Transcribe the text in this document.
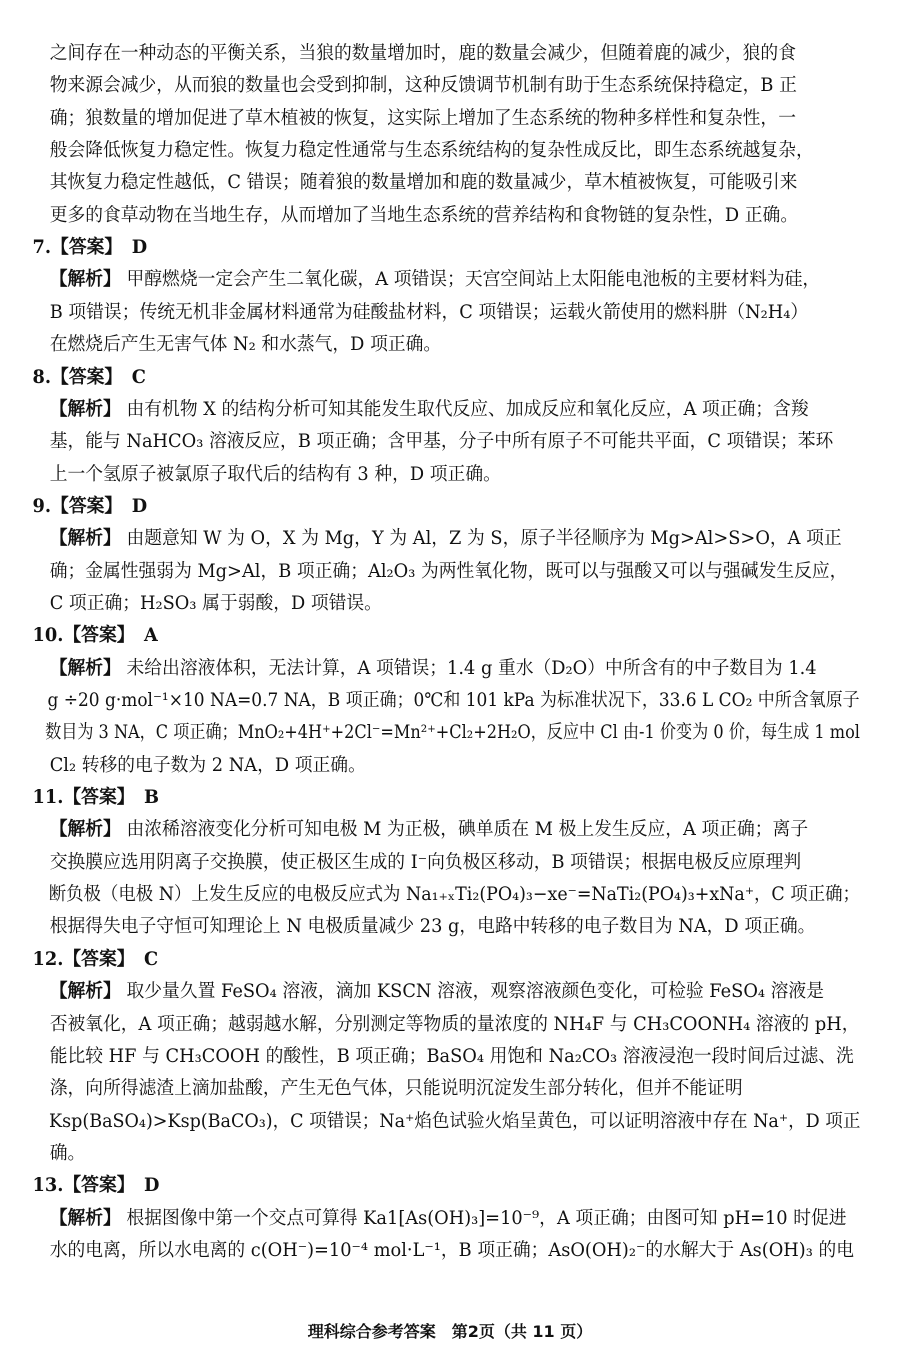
之间存在一种动态的平衡关系，当狼的数量增加时，鹿的数量会减少，但随着鹿的减少，狼的食
物来源会减少，从而狼的数量也会受到抑制，这种反馈调节机制有助于生态系统保持稳定，B 正
确；狼数量的增加促进了草木植被的恢复，这实际上增加了生态系统的物种多样性和复杂性，一
般会降低恢复力稳定性。恢复力稳定性通常与生态系统结构的复杂性成反比，即生态系统越复杂，
其恢复力稳定性越低，C 错误；随着狼的数量增加和鹿的数量减少，草木植被恢复，可能吸引来
更多的食草动物在当地生存，从而增加了当地生态系统的营养结构和食物链的复杂性，D 正确。
7.【答案】 D
【解析】 甲醇燃烧一定会产生二氧化碳，A 项错误；天宫空间站上太阳能电池板的主要材料为硅，
B 项错误；传统无机非金属材料通常为硅酸盐材料，C 项错误；运载火箭使用的燃料肼（N₂H₄）
在燃烧后产生无害气体 N₂ 和水蒸气，D 项正确。
8.【答案】 C
【解析】 由有机物 X 的结构分析可知其能发生取代反应、加成反应和氧化反应，A 项正确；含羧
基，能与 NaHCO₃ 溶液反应，B 项正确；含甲基，分子中所有原子不可能共平面，C 项错误；苯环
上一个氢原子被氯原子取代后的结构有 3 种，D 项正确。
9.【答案】 D
【解析】 由题意知 W 为 O，X 为 Mg，Y 为 Al，Z 为 S，原子半径顺序为 Mg>Al>S>O，A 项正
确；金属性强弱为 Mg>Al，B 项正确；Al₂O₃ 为两性氧化物，既可以与强酸又可以与强碱发生反应，
C 项正确；H₂SO₃ 属于弱酸，D 项错误。
10.【答案】 A
【解析】 未给出溶液体积，无法计算，A 项错误；1.4 g 重水（D₂O）中所含有的中子数目为 1.4
g ÷20 g·mol⁻¹×10 NA=0.7 NA，B 项正确；0℃和 101 kPa 为标准状况下，33.6 L CO₂ 中所含氧原子
数目为 3 NA，C 项正确；MnO₂+4H⁺+2Cl⁻=Mn²⁺+Cl₂+2H₂O，反应中 Cl 由-1 价变为 0 价，每生成 1 mol
Cl₂ 转移的电子数为 2 NA，D 项正确。
11.【答案】 B
【解析】 由浓稀溶液变化分析可知电极 M 为正极，碘单质在 M 极上发生反应，A 项正确；离子
交换膜应选用阴离子交换膜，使正极区生成的 I⁻向负极区移动，B 项错误；根据电极反应原理判
断负极（电极 N）上发生反应的电极反应式为 Na₁₊ₓTi₂(PO₄)₃−xe⁻=NaTi₂(PO₄)₃+xNa⁺，C 项正确；
根据得失电子守恒可知理论上 N 电极质量减少 23 g，电路中转移的电子数目为 NA，D 项正确。
12.【答案】 C
【解析】 取少量久置 FeSO₄ 溶液，滴加 KSCN 溶液，观察溶液颜色变化，可检验 FeSO₄ 溶液是
否被氧化，A 项正确；越弱越水解，分别测定等物质的量浓度的 NH₄F 与 CH₃COONH₄ 溶液的 pH，
能比较 HF 与 CH₃COOH 的酸性，B 项正确；BaSO₄ 用饱和 Na₂CO₃ 溶液浸泡一段时间后过滤、洗
涤，向所得滤渣上滴加盐酸，产生无色气体，只能说明沉淀发生部分转化，但并不能证明
Ksp(BaSO₄)>Ksp(BaCO₃)，C 项错误；Na⁺焰色试验火焰呈黄色，可以证明溶液中存在 Na⁺，D 项正
确。
13.【答案】 D
【解析】 根据图像中第一个交点可算得 Ka1[As(OH)₃]=10⁻⁹，A 项正确；由图可知 pH=10 时促进
水的电离，所以水电离的 c(OH⁻)=10⁻⁴ mol·L⁻¹，B 项正确；AsO(OH)₂⁻的水解大于 As(OH)₃ 的电
理科综合参考答案　第2页（共 11 页）
